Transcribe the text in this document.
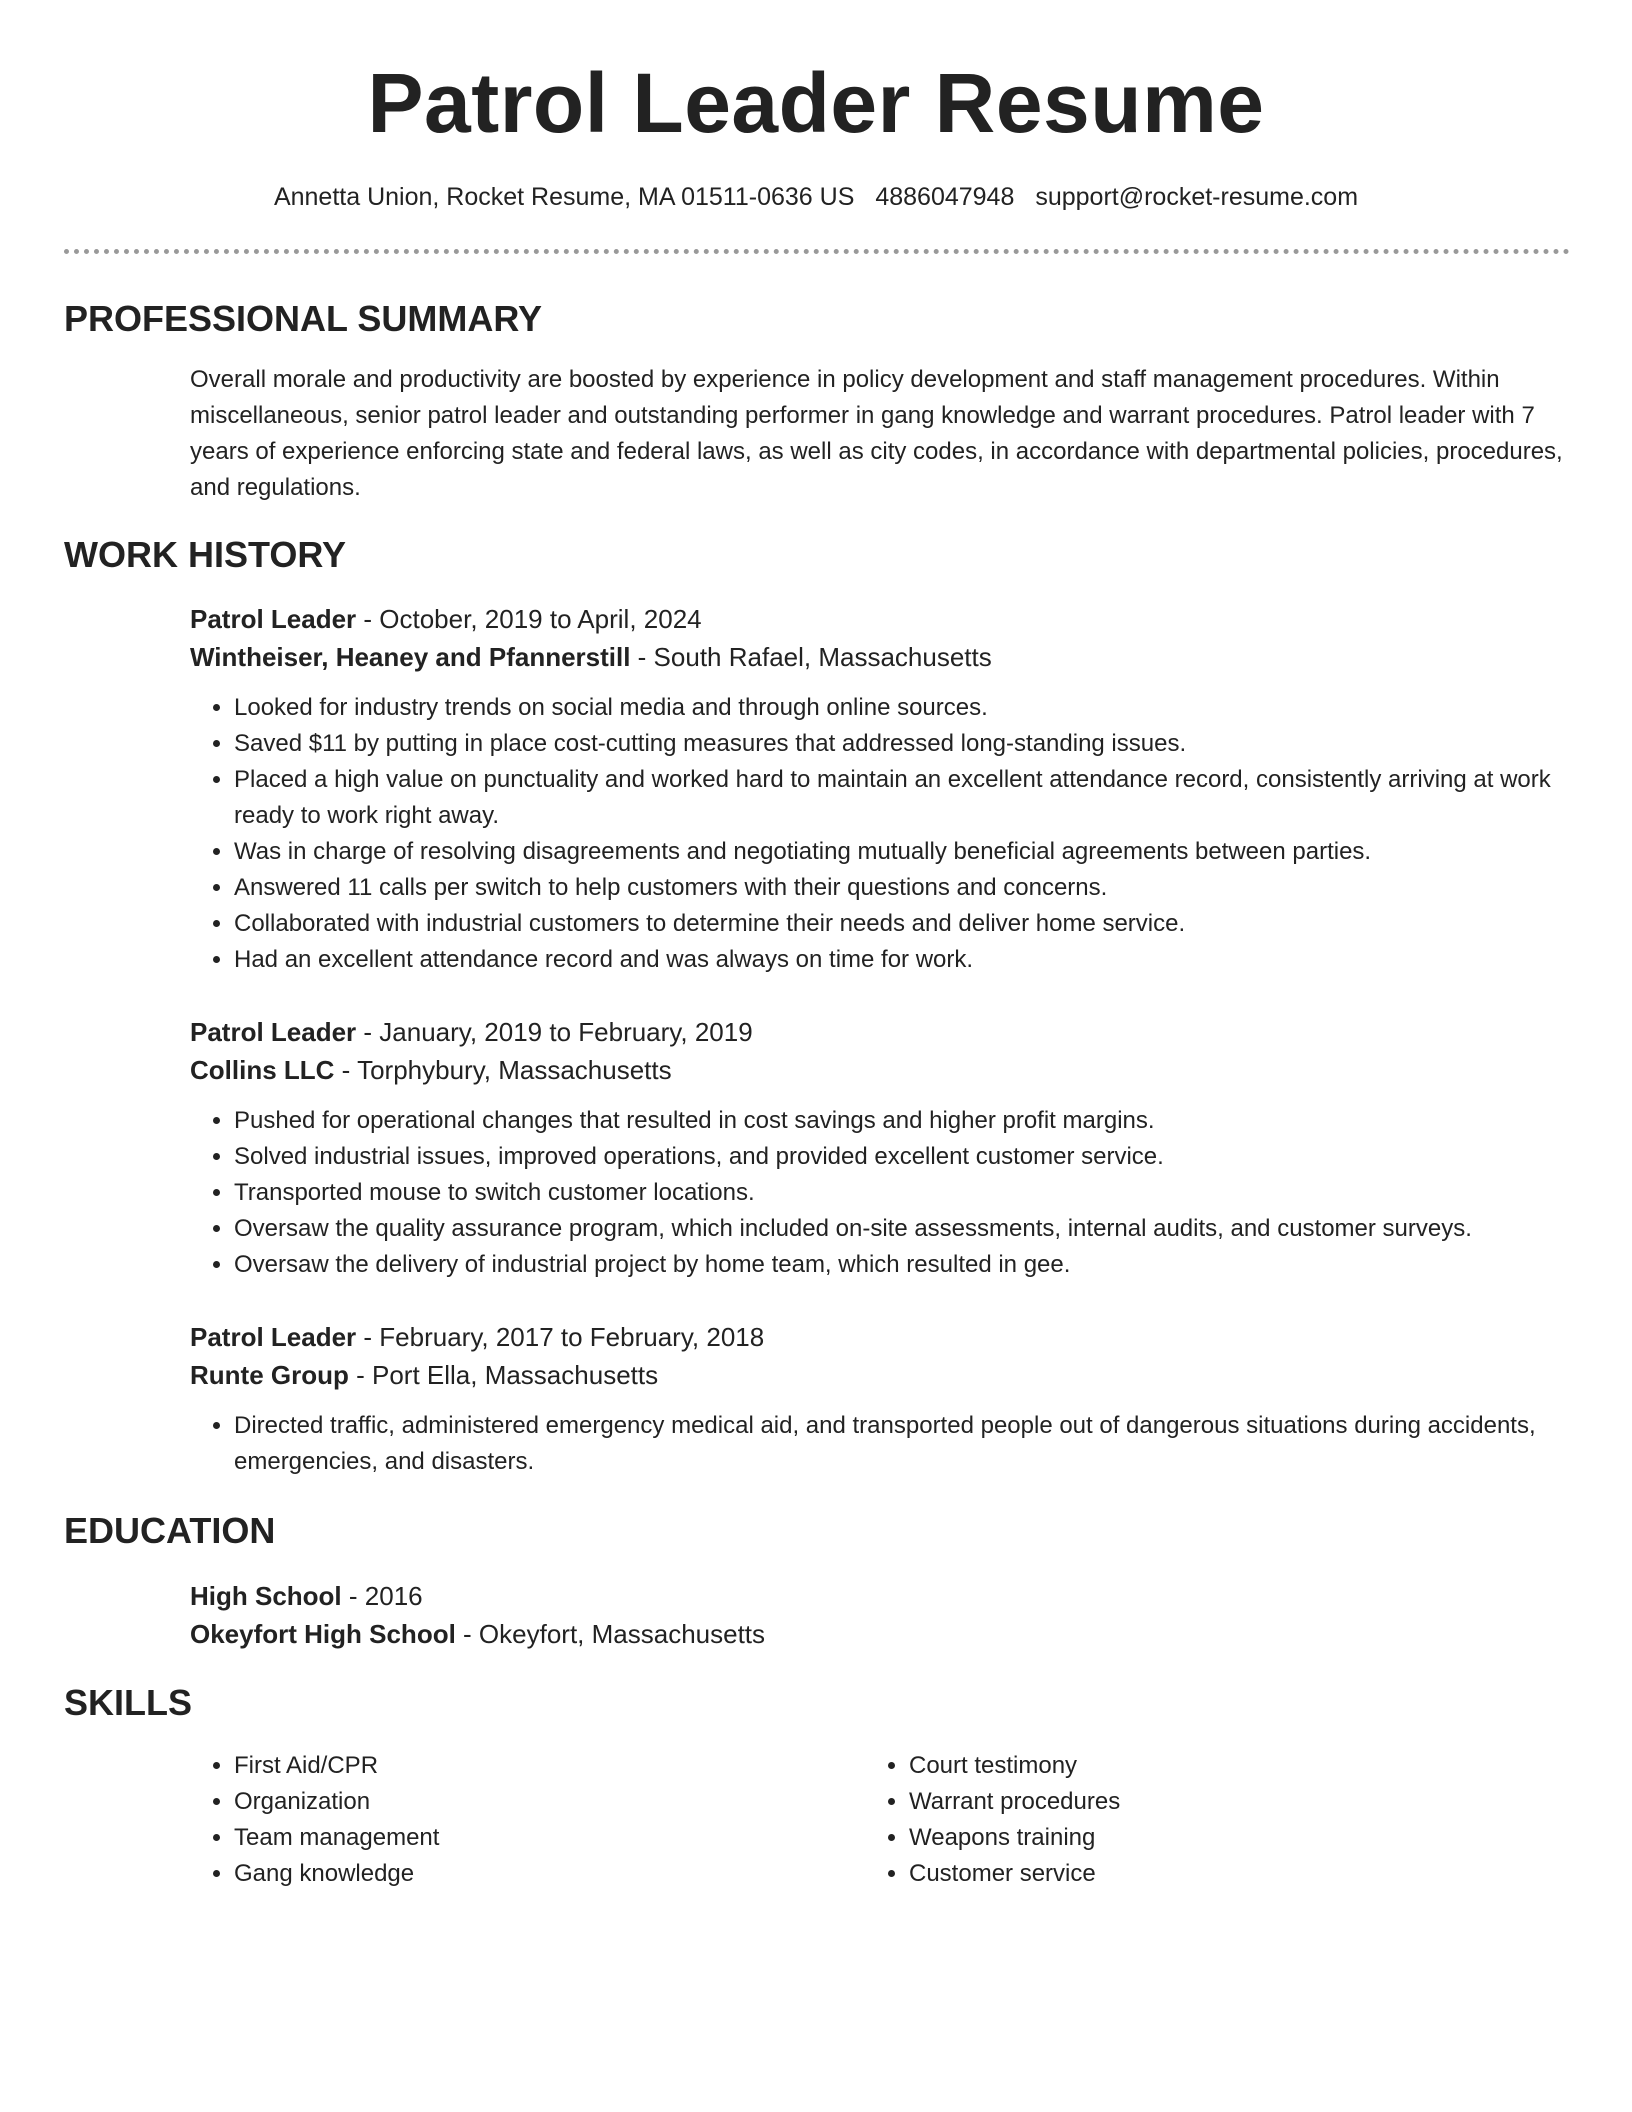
Patrol Leader Resume
Annetta Union, Rocket Resume, MA 01511-0636 US 4886047948 support@rocket-resume.com
PROFESSIONAL SUMMARY
Overall morale and productivity are boosted by experience in policy development and staff management procedures. Within miscellaneous, senior patrol leader and outstanding performer in gang knowledge and warrant procedures. Patrol leader with 7 years of experience enforcing state and federal laws, as well as city codes, in accordance with departmental policies, procedures, and regulations.
WORK HISTORY
Patrol Leader - October, 2019 to April, 2024
Wintheiser, Heaney and Pfannerstill - South Rafael, Massachusetts
• Looked for industry trends on social media and through online sources.
• Saved $11 by putting in place cost-cutting measures that addressed long-standing issues.
• Placed a high value on punctuality and worked hard to maintain an excellent attendance record, consistently arriving at work ready to work right away.
• Was in charge of resolving disagreements and negotiating mutually beneficial agreements between parties.
• Answered 11 calls per switch to help customers with their questions and concerns.
• Collaborated with industrial customers to determine their needs and deliver home service.
• Had an excellent attendance record and was always on time for work.
Patrol Leader - January, 2019 to February, 2019
Collins LLC - Torphybury, Massachusetts
• Pushed for operational changes that resulted in cost savings and higher profit margins.
• Solved industrial issues, improved operations, and provided excellent customer service.
• Transported mouse to switch customer locations.
• Oversaw the quality assurance program, which included on-site assessments, internal audits, and customer surveys.
• Oversaw the delivery of industrial project by home team, which resulted in gee.
Patrol Leader - February, 2017 to February, 2018
Runte Group - Port Ella, Massachusetts
• Directed traffic, administered emergency medical aid, and transported people out of dangerous situations during accidents, emergencies, and disasters.
EDUCATION
High School - 2016
Okeyfort High School - Okeyfort, Massachusetts
SKILLS
• First Aid/CPR
• Organization
• Team management
• Gang knowledge
• Court testimony
• Warrant procedures
• Weapons training
• Customer service
